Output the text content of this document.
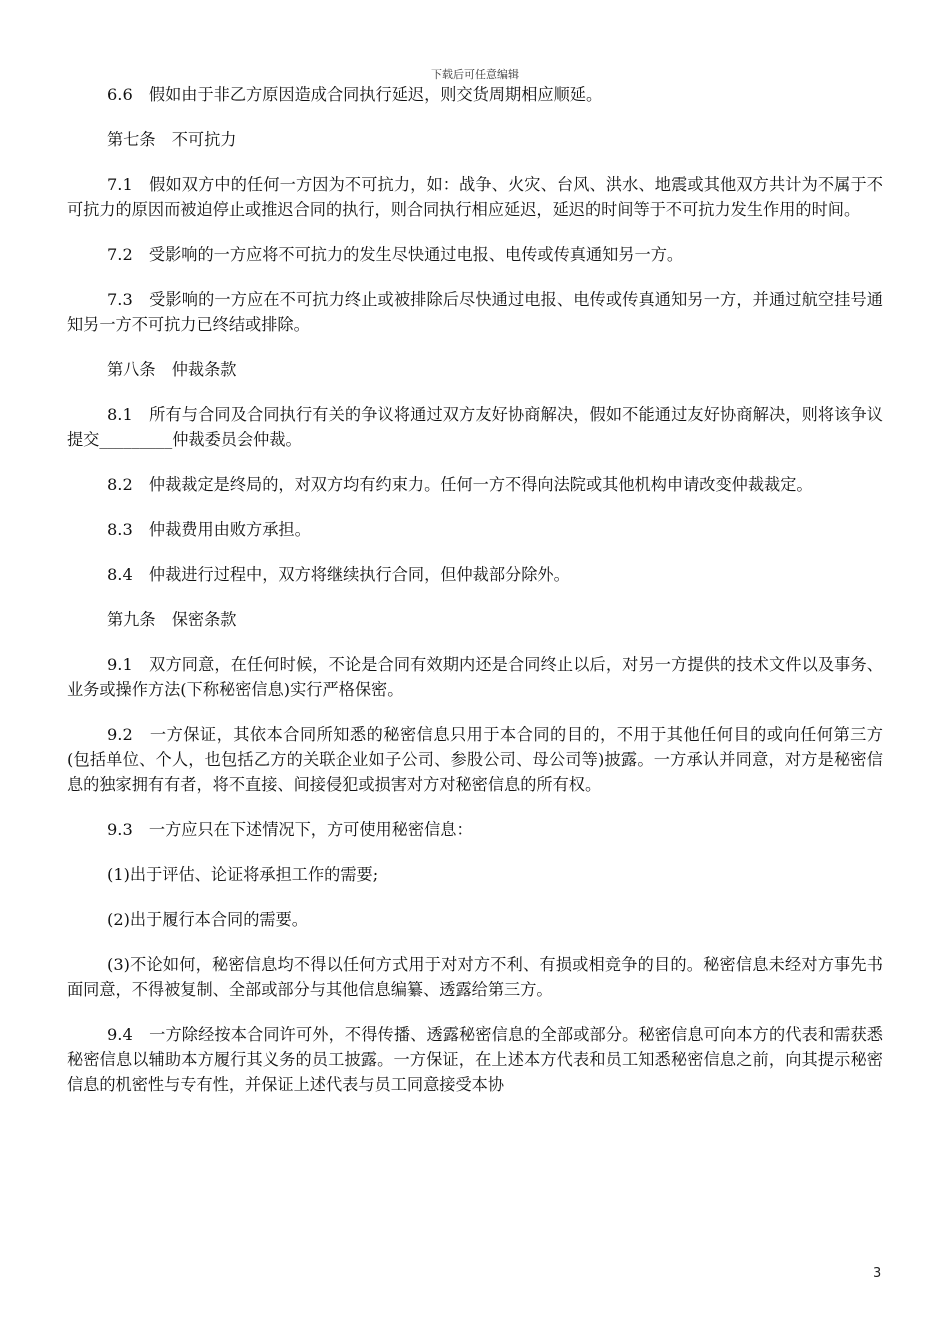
下载后可任意编辑

6.6　假如由于非乙方原因造成合同执行延迟，则交货周期相应顺延。

第七条　不可抗力

7.1　假如双方中的任何一方因为不可抗力，如：战争、火灾、台风、洪水、地震或其他双方共计为不属于不可抗力的原因而被迫停止或推迟合同的执行，则合同执行相应延迟，延迟的时间等于不可抗力发生作用的时间。

7.2　受影响的一方应将不可抗力的发生尽快通过电报、电传或传真通知另一方。

7.3　受影响的一方应在不可抗力终止或被排除后尽快通过电报、电传或传真通知另一方，并通过航空挂号通知另一方不可抗力已终结或排除。

第八条　仲裁条款

8.1　所有与合同及合同执行有关的争议将通过双方友好协商解决，假如不能通过友好协商解决，则将该争议提交_________仲裁委员会仲裁。

8.2　仲裁裁定是终局的，对双方均有约束力。任何一方不得向法院或其他机构申请改变仲裁裁定。

8.3　仲裁费用由败方承担。

8.4　仲裁进行过程中，双方将继续执行合同，但仲裁部分除外。

第九条　保密条款

9.1　双方同意，在任何时候，不论是合同有效期内还是合同终止以后，对另一方提供的技术文件以及事务、业务或操作方法(下称秘密信息)实行严格保密。

9.2　一方保证，其依本合同所知悉的秘密信息只用于本合同的目的，不用于其他任何目的或向任何第三方(包括单位、个人，也包括乙方的关联企业如子公司、参股公司、母公司等)披露。一方承认并同意，对方是秘密信息的独家拥有有者，将不直接、间接侵犯或损害对方对秘密信息的所有权。

9.3　一方应只在下述情况下，方可使用秘密信息：

(1)出于评估、论证将承担工作的需要;

(2)出于履行本合同的需要。

(3)不论如何，秘密信息均不得以任何方式用于对对方不利、有损或相竞争的目的。秘密信息未经对方事先书面同意，不得被复制、全部或部分与其他信息编纂、透露给第三方。

9.4　一方除经按本合同许可外，不得传播、透露秘密信息的全部或部分。秘密信息可向本方的代表和需获悉秘密信息以辅助本方履行其义务的员工披露。一方保证，在上述本方代表和员工知悉秘密信息之前，向其提示秘密信息的机密性与专有性，并保证上述代表与员工同意接受本协

3
